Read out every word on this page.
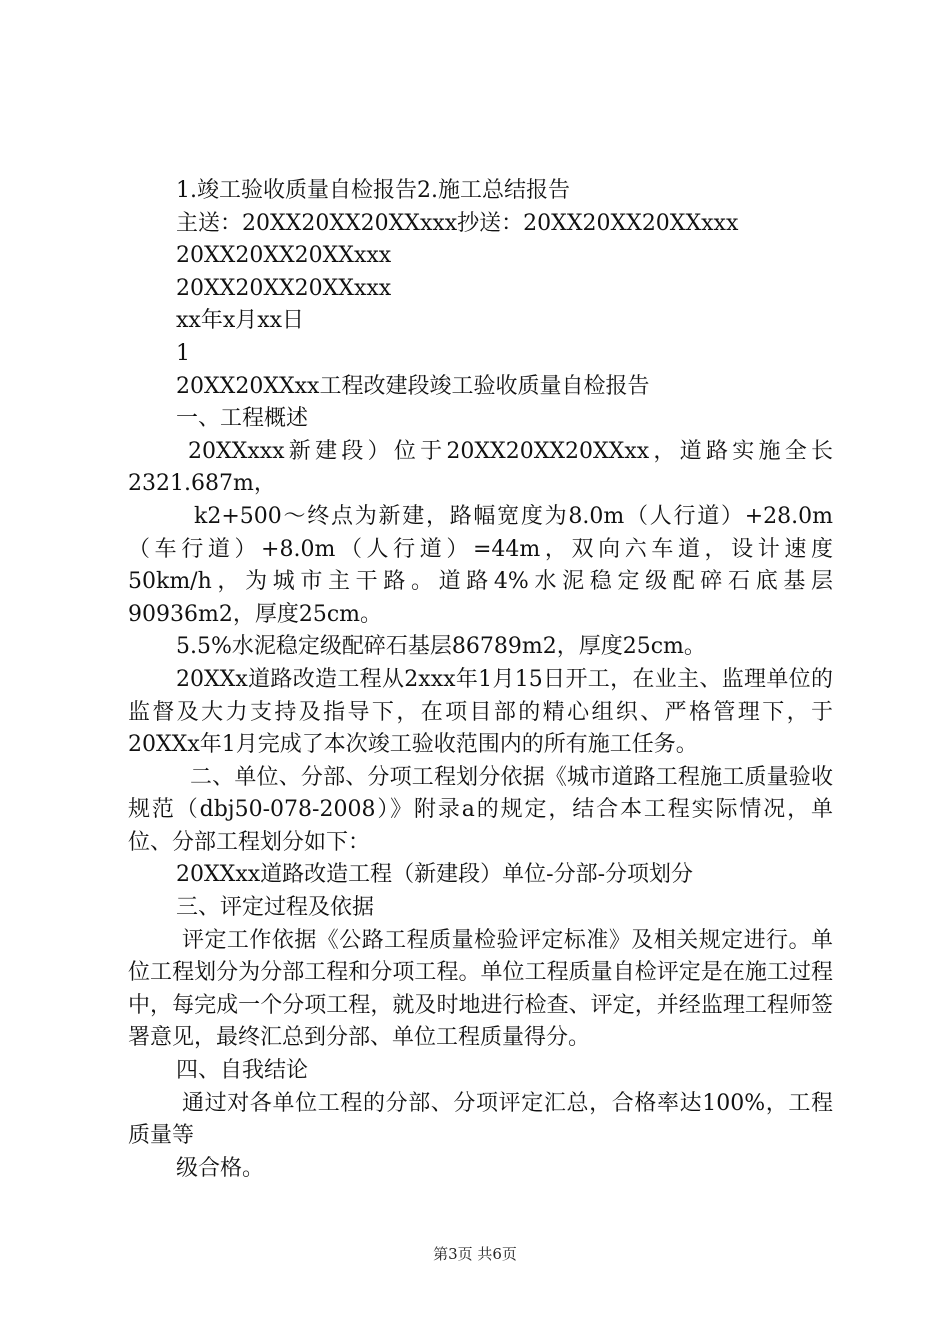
1.竣工验收质量自检报告2.施工总结报告

主送：20XX20XX20XXxxx抄送：20XX20XX20XXxxx

20XX20XX20XXxxx

20XX20XX20XXxxx

xx年x月xx日

1

20XX20XXxx工程改建段竣工验收质量自检报告

一、工程概述

20XXxxx新建段）位于20XX20XX20XXxx，道路实施全长2321.687m，

k2+500～终点为新建，路幅宽度为8.0m（人行道）+28.0m（车行道）+8.0m（人行道）=44m，双向六车道，设计速度50km/h，为城市主干路。道路4%水泥稳定级配碎石底基层90936m2，厚度25cm。

5.5%水泥稳定级配碎石基层86789m2，厚度25cm。

20XXx道路改造工程从2xxx年1月15日开工，在业主、监理单位的监督及大力支持及指导下，在项目部的精心组织、严格管理下，于20XXx年1月完成了本次竣工验收范围内的所有施工任务。

二、单位、分部、分项工程划分依据《城市道路工程施工质量验收规范（dbj50-078-2008）》附录a的规定，结合本工程实际情况，单位、分部工程划分如下：

20XXxx道路改造工程（新建段）单位-分部-分项划分

三、评定过程及依据

评定工作依据《公路工程质量检验评定标准》及相关规定进行。单位工程划分为分部工程和分项工程。单位工程质量自检评定是在施工过程中，每完成一个分项工程，就及时地进行检查、评定，并经监理工程师签署意见，最终汇总到分部、单位工程质量得分。

四、自我结论

通过对各单位工程的分部、分项评定汇总，合格率达100%，工程质量等

级合格。

第3页 共6页
